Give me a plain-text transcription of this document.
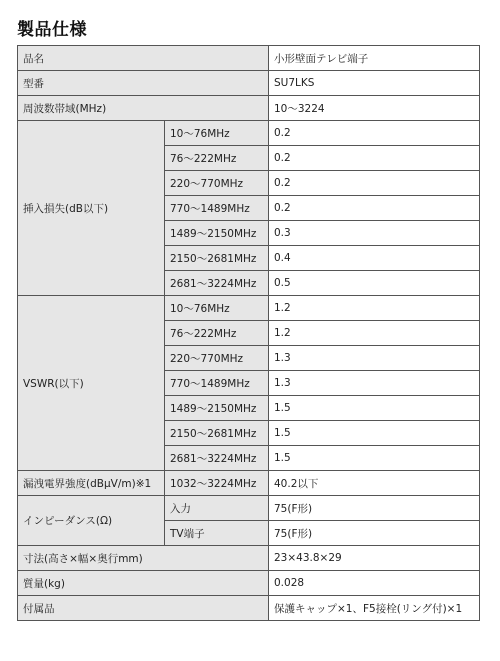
製品仕様
品名		小形壁面テレビ端子
型番		SU7LKS
周波数帯域(MHz)		10～3224
挿入損失(dB以下)	10～76MHz	0.2
	76～222MHz	0.2
	220～770MHz	0.2
	770～1489MHz	0.2
	1489～2150MHz	0.3
	2150～2681MHz	0.4
	2681～3224MHz	0.5
VSWR(以下)	10～76MHz	1.2
	76～222MHz	1.2
	220～770MHz	1.3
	770～1489MHz	1.3
	1489～2150MHz	1.5
	2150～2681MHz	1.5
	2681～3224MHz	1.5
漏洩電界強度(dBμV/m)※1	1032～3224MHz	40.2以下
インピーダンス(Ω)	入力	75(F形)
	TV端子	75(F形)
寸法(高さ×幅×奥行mm)		23×43.8×29
質量(kg)		0.028
付属品		保護キャップ×1、F5接栓(リング付)×1
